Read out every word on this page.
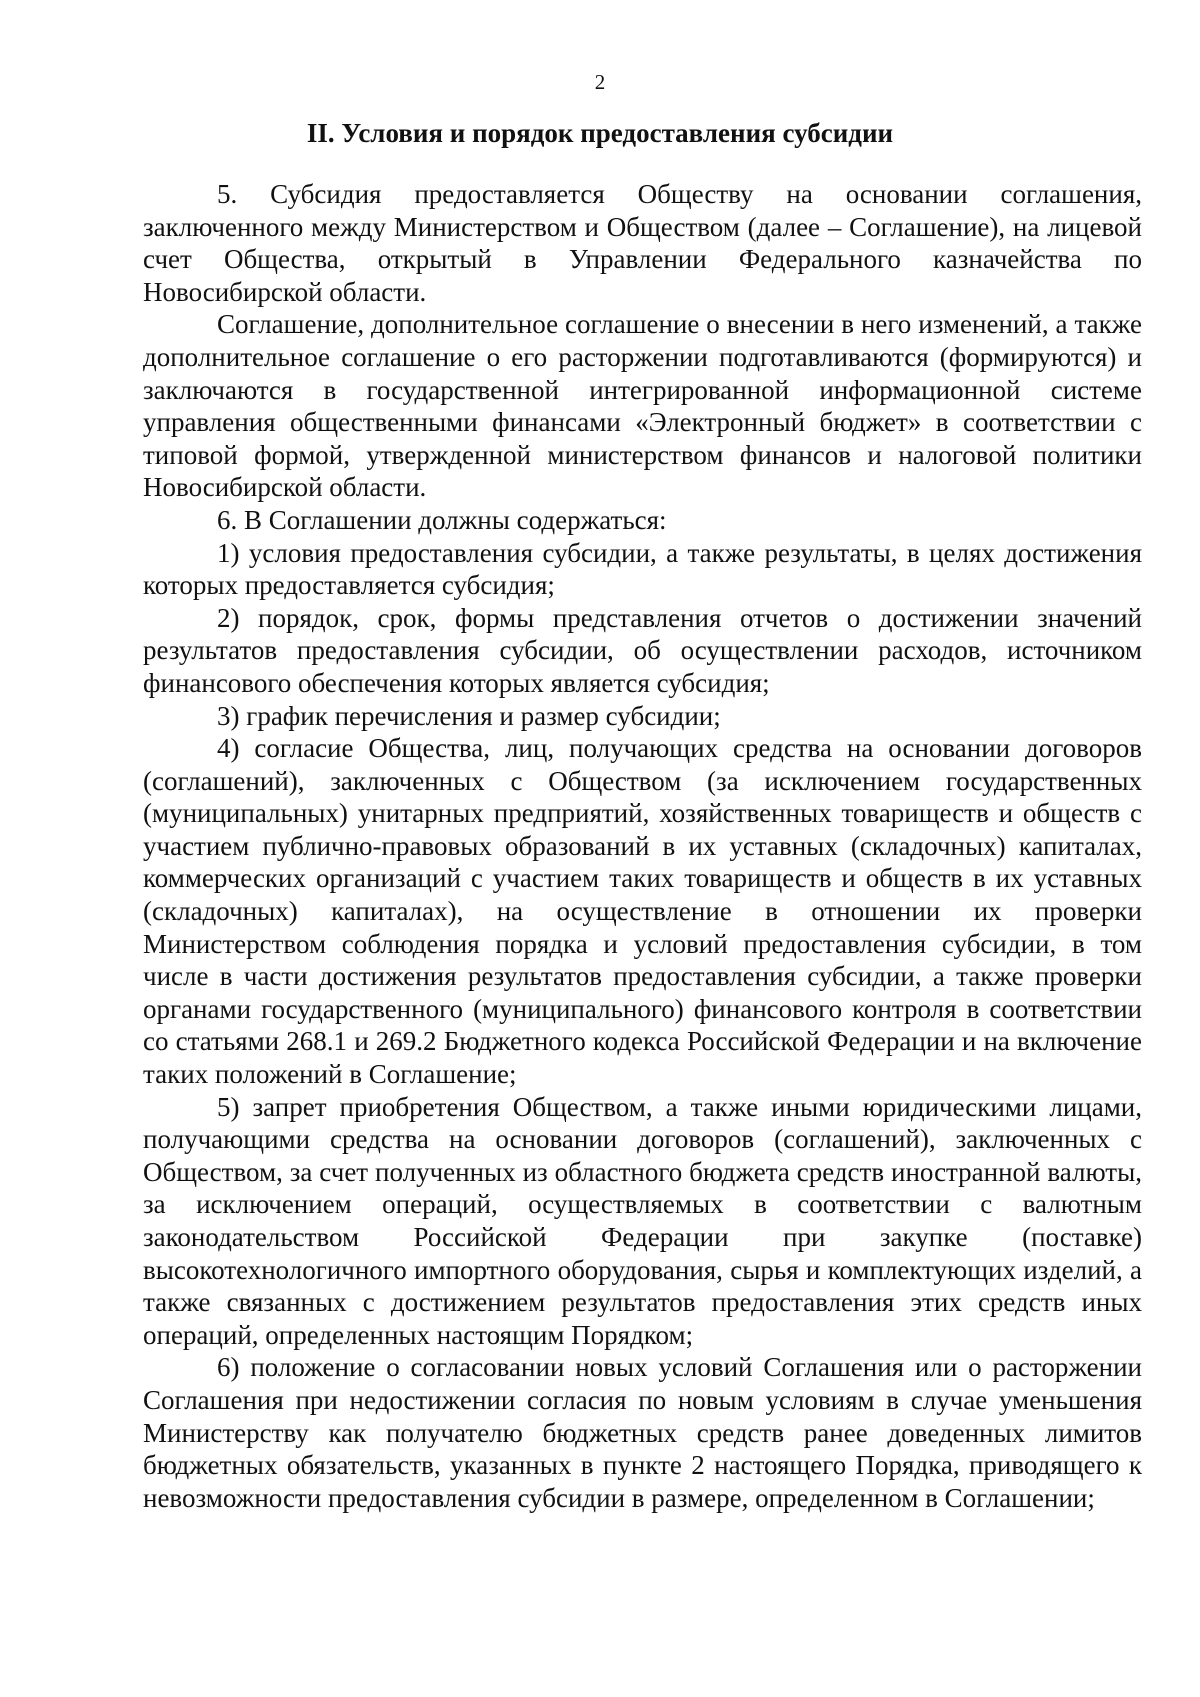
2
II. Условия и порядок предоставления субсидии

5. Субсидия предоставляется Обществу на основании соглашения, заключенного между Министерством и Обществом (далее – Соглашение), на лицевой счет Общества, открытый в Управлении Федерального казначейства по Новосибирской области.

Соглашение, дополнительное соглашение о внесении в него изменений, а также дополнительное соглашение о его расторжении подготавливаются (формируются) и заключаются в государственной интегрированной информационной системе управления общественными финансами «Электронный бюджет» в соответствии с типовой формой, утвержденной министерством финансов и налоговой политики Новосибирской области.

6. В Соглашении должны содержаться:

1) условия предоставления субсидии, а также результаты, в целях достижения которых предоставляется субсидия;

2) порядок, срок, формы представления отчетов о достижении значений результатов предоставления субсидии, об осуществлении расходов, источником финансового обеспечения которых является субсидия;

3) график перечисления и размер субсидии;

4) согласие Общества, лиц, получающих средства на основании договоров (соглашений), заключенных с Обществом (за исключением государственных (муниципальных) унитарных предприятий, хозяйственных товариществ и обществ с участием публично-правовых образований в их уставных (складочных) капиталах, коммерческих организаций с участием таких товариществ и обществ в их уставных (складочных) капиталах), на осуществление в отношении их проверки Министерством соблюдения порядка и условий предоставления субсидии, в том числе в части достижения результатов предоставления субсидии, а также проверки органами государственного (муниципального) финансового контроля в соответствии со статьями 268.1 и 269.2 Бюджетного кодекса Российской Федерации и на включение таких положений в Соглашение;

5) запрет приобретения Обществом, а также иными юридическими лицами, получающими средства на основании договоров (соглашений), заключенных с Обществом, за счет полученных из областного бюджета средств иностранной валюты, за исключением операций, осуществляемых в соответствии с валютным законодательством Российской Федерации при закупке (поставке) высокотехнологичного импортного оборудования, сырья и комплектующих изделий, а также связанных с достижением результатов предоставления этих средств иных операций, определенных настоящим Порядком;

6) положение о согласовании новых условий Соглашения или о расторжении Соглашения при недостижении согласия по новым условиям в случае уменьшения Министерству как получателю бюджетных средств ранее доведенных лимитов бюджетных обязательств, указанных в пункте 2 настоящего Порядка, приводящего к невозможности предоставления субсидии в размере, определенном в Соглашении;
